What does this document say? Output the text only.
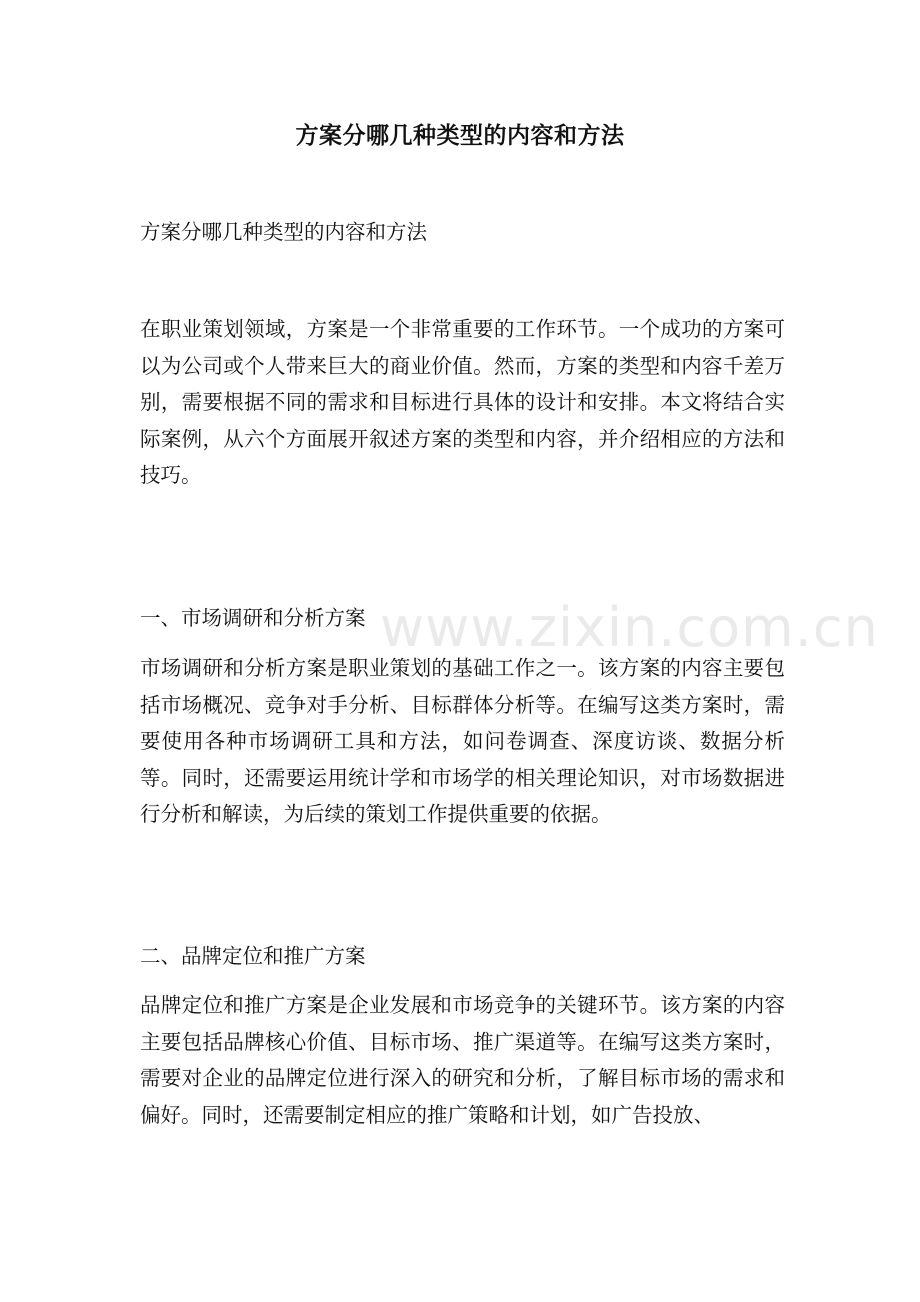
方案分哪几种类型的内容和方法
方案分哪几种类型的内容和方法
在职业策划领域，方案是一个非常重要的工作环节。一个成功的方案可以为公司或个人带来巨大的商业价值。然而，方案的类型和内容千差万别，需要根据不同的需求和目标进行具体的设计和安排。本文将结合实际案例，从六个方面展开叙述方案的类型和内容，并介绍相应的方法和技巧。
一、市场调研和分析方案
市场调研和分析方案是职业策划的基础工作之一。该方案的内容主要包括市场概况、竞争对手分析、目标群体分析等。在编写这类方案时，需要使用各种市场调研工具和方法，如问卷调查、深度访谈、数据分析等。同时，还需要运用统计学和市场学的相关理论知识，对市场数据进行分析和解读，为后续的策划工作提供重要的依据。
二、品牌定位和推广方案
品牌定位和推广方案是企业发展和市场竞争的关键环节。该方案的内容主要包括品牌核心价值、目标市场、推广渠道等。在编写这类方案时，需要对企业的品牌定位进行深入的研究和分析，了解目标市场的需求和偏好。同时，还需要制定相应的推广策略和计划，如广告投放、
www.zixin.com.cn
